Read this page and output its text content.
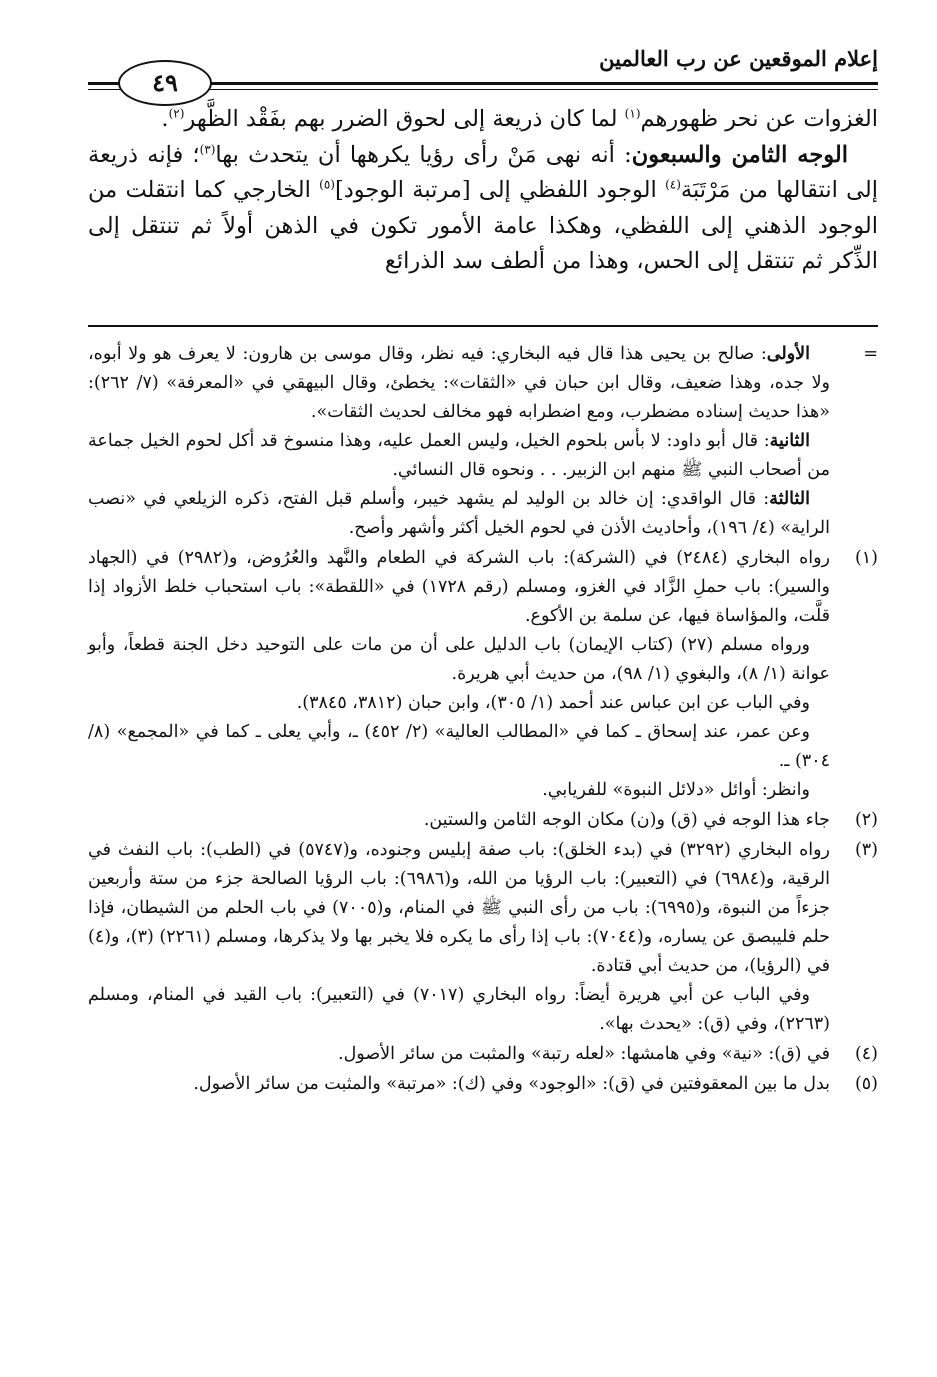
إعلام الموقعين عن رب العالمين
٤٩

الغزوات عن نحر ظهورهم$^{(١)}$ لما كان ذريعة إلى لحوق الضرر بهم بفَقْد الظَّهر$^{(٢)}$.

الوجه الثامن والسبعون: أنه نهى مَنْ رأى رؤيا يكرهها أن يتحدث بها$^{(٣)}$؛ فإنه ذريعة إلى انتقالها من مَرْتَبَة$^{(٤)}$ الوجود اللفظي إلى [مرتبة الوجود]$^{(٥)}$ الخارجي كما انتقلت من الوجود الذهني إلى اللفظي، وهكذا عامة الأمور تكون في الذهن أولاً ثم تنتقل إلى الذِّكر ثم تنتقل إلى الحس، وهذا من ألطف سد الذرائع

=

الأولى: صالح بن يحيى هذا قال فيه البخاري: فيه نظر، وقال موسى بن هارون: لا يعرف هو ولا أبوه، ولا جده، وهذا ضعيف، وقال ابن حبان في «الثقات»: يخطئ، وقال البيهقي في «المعرفة» (٧/ ٢٦٢): «هذا حديث إسناده مضطرب، ومع اضطرابه فهو مخالف لحديث الثقات».

الثانية: قال أبو داود: لا بأس بلحوم الخيل، وليس العمل عليه، وهذا منسوخ قد أكل لحوم الخيل جماعة من أصحاب النبي ﷺ منهم ابن الزبير. . . ونحوه قال النسائي.

الثالثة: قال الواقدي: إن خالد بن الوليد لم يشهد خيبر، وأسلم قبل الفتح، ذكره الزيلعي في «نصب الراية» (٤/ ١٩٦)، وأحاديث الأذن في لحوم الخيل أكثر وأشهر وأصح.

(١)

رواه البخاري (٢٤٨٤) في (الشركة): باب الشركة في الطعام والنَّهد والعُرُوض، و(٢٩٨٢) في (الجهاد والسير): باب حملِ الزَّاد في الغزو، ومسلم (رقم ١٧٢٨) في «اللقطة»: باب استحباب خلط الأزواد إذا قلَّت، والمؤاساة فيها، عن سلمة بن الأكوع.

ورواه مسلم (٢٧) (كتاب الإيمان) باب الدليل على أن من مات على التوحيد دخل الجنة قطعاً، وأبو عوانة (١/ ٨)، والبغوي (١/ ٩٨)، من حديث أبي هريرة.

وفي الباب عن ابن عباس عند أحمد (١/ ٣٠٥)، وابن حبان (٣٨١٢، ٣٨٤٥).

وعن عمر، عند إسحاق ـ كما في «المطالب العالية» (٢/ ٤٥٢) ـ، وأبي يعلى ـ كما في «المجمع» (٨/ ٣٠٤) ـ.

وانظر: أوائل «دلائل النبوة» للفريابي.

(٢)

جاء هذا الوجه في (ق) و(ن) مكان الوجه الثامن والستين.

(٣)

رواه البخاري (٣٢٩٢) في (بدء الخلق): باب صفة إبليس وجنوده، و(٥٧٤٧) في (الطب): باب النفث في الرقية، و(٦٩٨٤) في (التعبير): باب الرؤيا من الله، و(٦٩٨٦): باب الرؤيا الصالحة جزء من ستة وأربعين جزءاً من النبوة، و(٦٩٩٥): باب من رأى النبي ﷺ في المنام، و(٧٠٠٥) في باب الحلم من الشيطان، فإذا حلم فليبصق عن يساره، و(٧٠٤٤): باب إذا رأى ما يكره فلا يخبر بها ولا يذكرها، ومسلم (٢٢٦١) (٣)، و(٤) في (الرؤيا)، من حديث أبي قتادة.

وفي الباب عن أبي هريرة أيضاً: رواه البخاري (٧٠١٧) في (التعبير): باب القيد في المنام، ومسلم (٢٢٦٣)، وفي (ق): «يحدث بها».

(٤)

في (ق): «نية» وفي هامشها: «لعله رتبة» والمثبت من سائر الأصول.

(٥)

بدل ما بين المعقوفتين في (ق): «الوجود» وفي (ك): «مرتبة» والمثبت من سائر الأصول.
